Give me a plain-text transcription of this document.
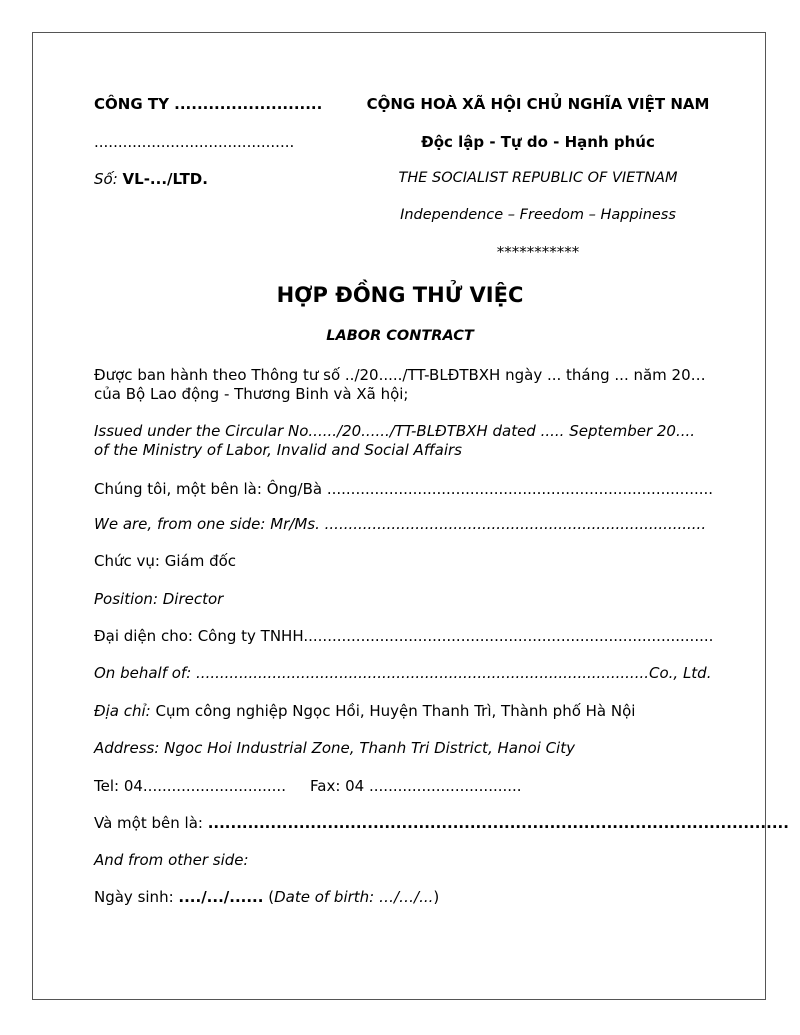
CÔNG TY ..........................
..........................................
Số: VL-.../LTD.
CỘNG HOÀ XÃ HỘI CHỦ NGHĨA VIỆT NAM
Độc lập - Tự do - Hạnh phúc
THE SOCIALIST REPUBLIC OF VIETNAM
Independence – Freedom – Happiness
***********
HỢP ĐỒNG THỬ VIỆC
LABOR CONTRACT
Được ban hành theo Thông tư số ../20...../TT-BLĐTBXH ngày ... tháng ... năm 20… của Bộ Lao động - Thương Binh và Xã hội;
Issued under the Circular No....../20....../TT-BLĐTBXH dated ..... September 20.... of the Ministry of Labor, Invalid and Social Affairs
Chúng tôi, một bên là: Ông/Bà .................................................................................
We are, from one side: Mr/Ms. ................................................................................
Chức vụ: Giám đốc
Position: Director
Đại diện cho: Công ty TNHH......................................................................................
On behalf of: ...............................................................................................Co., Ltd.
Địa chỉ: Cụm công nghiệp Ngọc Hồi, Huyện Thanh Trì, Thành phố Hà Nội
Address: Ngoc Hoi Industrial Zone, Thanh Tri District, Hanoi City
Tel: 04.............................. Fax: 04 ................................
Và một bên là: ......................................................................................................
And from other side:
Ngày sinh: ..../.../...... (Date of birth: …/…/...)
